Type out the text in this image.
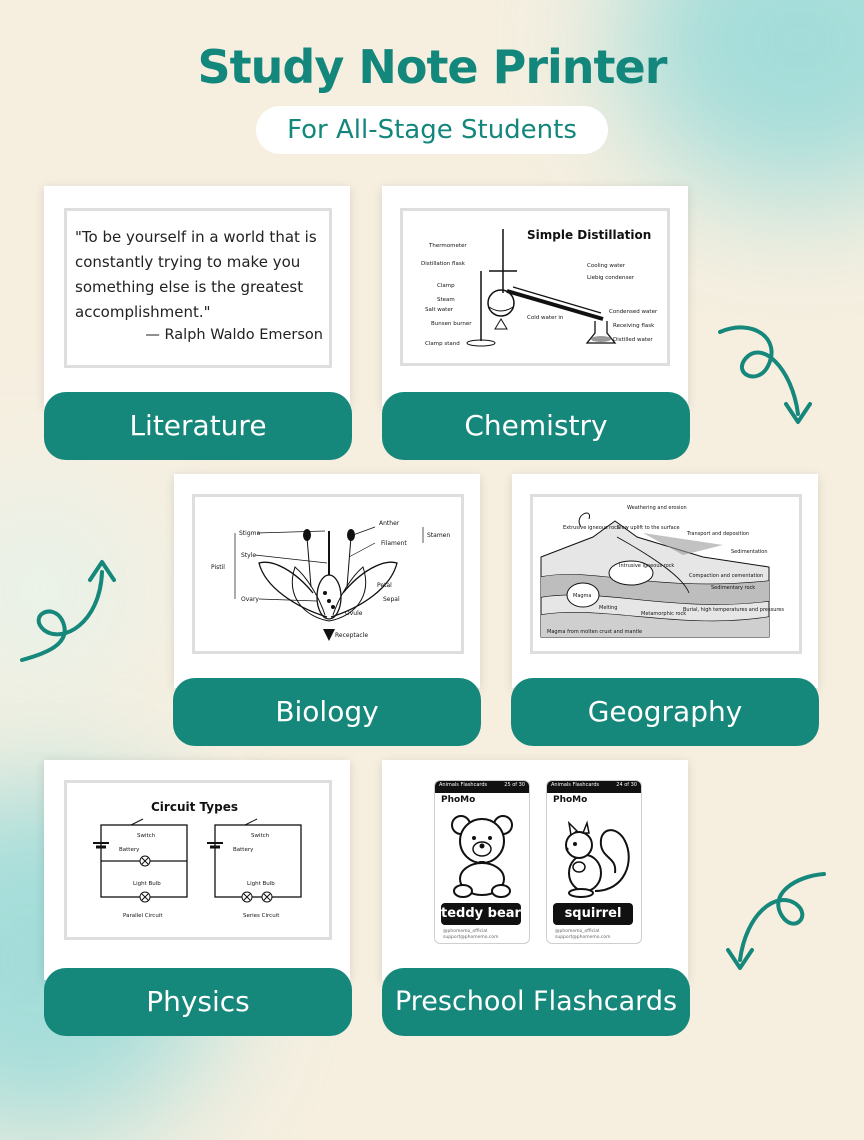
Study Note Printer
For All-Stage Students
"To be yourself in a world that is constantly trying to make you something else is the greatest accomplishment."
— Ralph Waldo Emerson
Literature
Simple Distillation
Thermometer
Distillation flask
Clamp
Steam
Salt water
Bunsen burner
Clamp stand
Cooling water
Liebig condenser
Cold water in
Condensed water
Receiving flask
Distilled water
Chemistry
Stigma
Style
Pistil
Ovary
Anther
Filament
Stamen
Petal
Sepal
Ovule
Receptacle
Biology
Weathering and erosion
Extrusive igneous rock
Slow uplift to the surface
Transport and deposition
Sedimentation
Intrusive igneous rock
Compaction and cementation
Sedimentary rock
Magma
Melting
Metamorphic rock
Burial, high temperatures and pressures
Magma from molten crust and mantle
Geography
Circuit Types
Switch
Battery
Light Bulb
Parallel Circuit
Switch
Battery
Light Bulb
Series Circuit
Physics
Animals Flashcards	25 of 30
PhoMo
teddy bear
@phomemo_official
support@phomemo.com
Animals Flashcards	24 of 30
PhoMo
squirrel
@phomemo_official
support@phomemo.com
Preschool Flashcards
